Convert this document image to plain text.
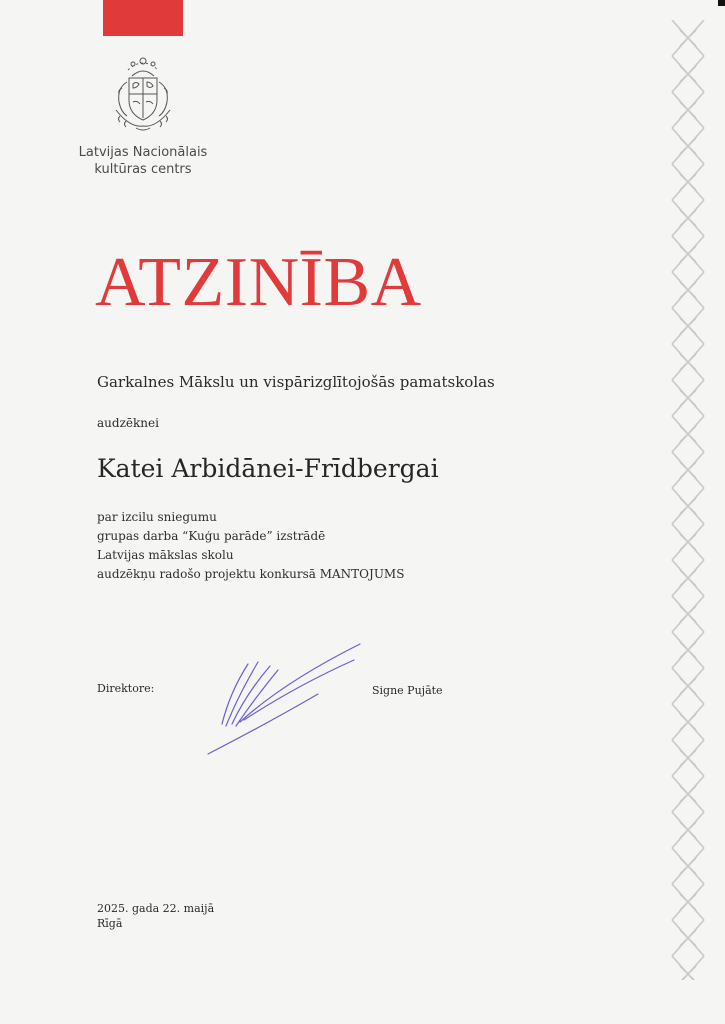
Latvijas Nacionālais
kultūras centrs
ATZINĪBA
Garkalnes Mākslu un vispārizglītojošās pamatskolas
audzēknei
Katei Arbidānei-Frīdbergai
par izcilu sniegumu
grupas darba “Kuģu parāde” izstrādē
Latvijas mākslas skolu
audzēkņu radošo projektu konkursā MANTOJUMS
Direktore:	Signe Pujāte
2025. gada 22. maijā
Rīgā
